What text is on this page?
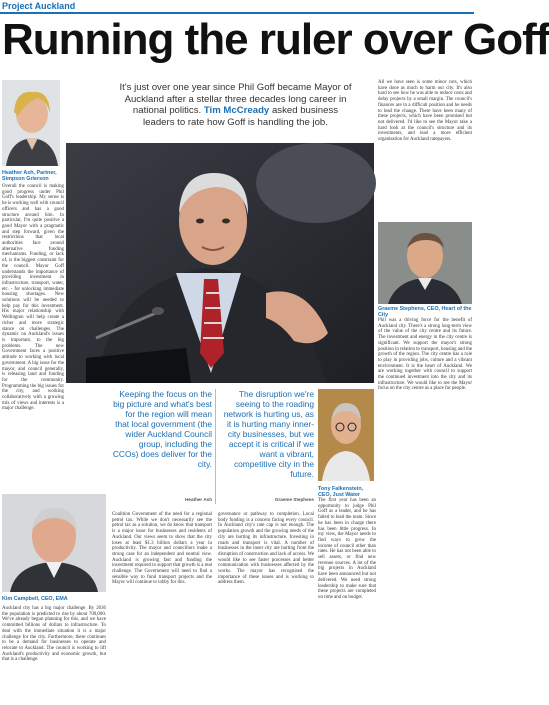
Project Auckland
Running the ruler over Goff
It's just over one year since Phil Goff became Mayor of Auckland after a stellar three decades long career in national politics. Tim McCready asked business leaders to rate how Goff is handling the job.
Heather Ash, Partner, Simpson Grierson
Overall the council is making good progress under Phil Goff's leadership. My sense is he is working well with council officers and has a good structure around him. In particular, I'm quite positive a good Mayor with a pragmatic and step forward, given the restrictions that local authorities face around alternative funding mechanisms. Funding, or lack of, is the biggest constraint for the council. Mayor Goff understands the importance of providing investment in infrastructure, transport, water, etc. - for unlocking immediate housing shortages. New solutions will be needed to help pay for this investment. His major relationship with Wellington will help create a richer and more strategic stance on challenges. The dynamic on Auckland's issues is important, to the big problems. The new Government faces a positive attitude to working with local government. A big issue for the mayor, and council generally, is releasing land and funding for the community. Programming the big issues for the city, and working collaboratively with a growing mix of views and interests is a major challenge.
All we have seen is some minor cuts, which have done as much to harm our city. It's also hard to see how he was able to reduce costs and delay projects by a small margin. The council's finances are in a difficult position and he needs to lead the change. There have been many of these projects, which have been promised but not delivered. I'd like to see the Mayor take a hard look at the council's structure and its investments, and lead a more efficient organisation for Auckland ratepayers.
Graeme Stephens, CEO, Heart of the City
Phil was a driving force for the benefit of Auckland city. There's a strong long-term view of the value of the city centre and its future. The investment and energy in the city centre is significant. We support the mayor's strong position in relation to transport, housing and the growth of the region. The city centre has a role to play in providing jobs, culture and a vibrant environment. It is the heart of Auckland. We are working together with council to support the continued investment into the city and its infrastructure. We would like to see the Mayor focus on the city centre as a place for people.
Keeping the focus on the big picture and what's best for the region will mean that local government (the wider Auckland Council group, including the CCOs) does deliver for the city.
Heather Ash
The disruption we're seeing to the roading network is hurting us, as it is hurting many inner-city businesses, but we accept it is critical if we want a vibrant, competitive city in the future.
Graeme Stephens
Coalition Government of the need for a regional petrol tax. While we don't necessarily see the petrol tax as a solution, we do know that transport is a major issue for businesses and residents of Auckland. Our views seem to show that the city loses at least $1.3 billion dollars a year in productivity. The mayor and councillors make a strong case for an independent and neutral view. Auckland is growing fast and funding the investment required to support that growth is a real challenge. The Government will need to find a sensible way to fund transport projects and the Mayor will continue to lobby for this.
governance or pathway to completion. Local body funding is a concern facing every council. In Auckland city's rate cap is not enough. The population growth and the growing needs of the city are hurting its infrastructure. Investing in roads and transport is vital. A number of businesses in the inner city are hurting from the disruption of construction and lack of access. We would like to see faster processes and better communication with businesses affected by the works. The mayor has recognised the importance of these issues and is working to address them.
Tony Falkenstein, CEO, Just Water
The first year has been an opportunity to judge Phil Goff as a leader, and he has failed to lead the team. Since he has been in charge there has been little progress. In my view, the Mayor needs to find ways to grow the income of council other than rates. He has not been able to sell assets, or find new revenue sources. A lot of the big projects in Auckland have been announced but not delivered. We need strong leadership to make sure that these projects are completed on time and on budget.
Kim Campbell, CEO, EMA
Auckland city has a big major challenge. By 2036 the population is predicted to rise by about 700,000. We've already begun planning for this, and we have committed billions of dollars to infrastructure. To deal with the immediate situation it is a major challenge for the city. Furthermore, there continues to be a demand for businesses to operate and relocate to Auckland. The council is working to lift Auckland's productivity and economic growth, but that is a challenge.
